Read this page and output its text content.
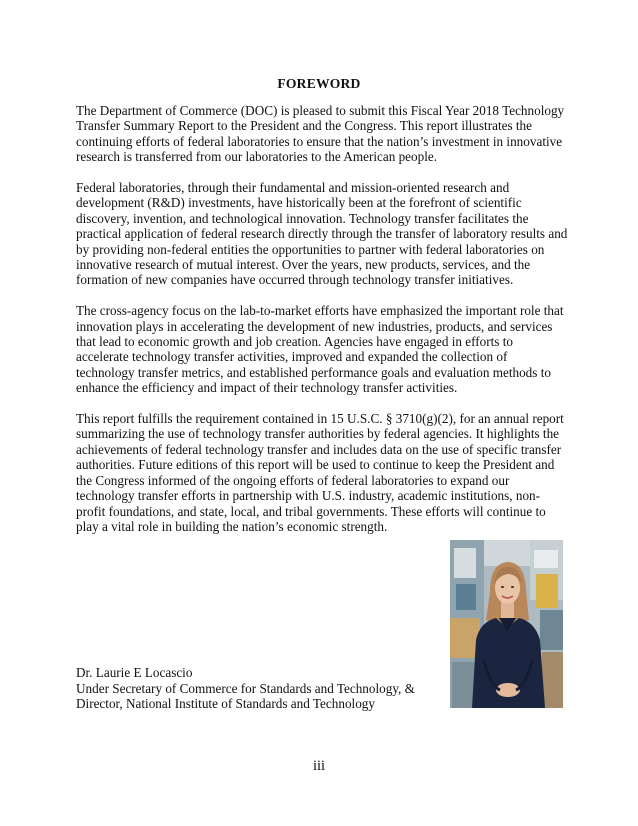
FOREWORD

The Department of Commerce (DOC) is pleased to submit this Fiscal Year 2018 Technology Transfer Summary Report to the President and the Congress. This report illustrates the continuing efforts of federal laboratories to ensure that the nation’s investment in innovative research is transferred from our laboratories to the American people.

Federal laboratories, through their fundamental and mission-oriented research and development (R&D) investments, have historically been at the forefront of scientific discovery, invention, and technological innovation. Technology transfer facilitates the practical application of federal research directly through the transfer of laboratory results and by providing non-federal entities the opportunities to partner with federal laboratories on innovative research of mutual interest. Over the years, new products, services, and the formation of new companies have occurred through technology transfer initiatives.

The cross-agency focus on the lab-to-market efforts have emphasized the important role that innovation plays in accelerating the development of new industries, products, and services that lead to economic growth and job creation. Agencies have engaged in efforts to accelerate technology transfer activities, improved and expanded the collection of technology transfer metrics, and established performance goals and evaluation methods to enhance the efficiency and impact of their technology transfer activities.

This report fulfills the requirement contained in 15 U.S.C. § 3710(g)(2), for an annual report summarizing the use of technology transfer authorities by federal agencies. It highlights the achievements of federal technology transfer and includes data on the use of specific transfer authorities. Future editions of this report will be used to continue to keep the President and the Congress informed of the ongoing efforts of federal laboratories to expand our technology transfer efforts in partnership with U.S. industry, academic institutions, non-profit foundations, and state, local, and tribal governments. These efforts will continue to play a vital role in building the nation’s economic strength.

Dr. Laurie E Locascio
Under Secretary of Commerce for Standards and Technology, &
Director, National Institute of Standards and Technology
iii
